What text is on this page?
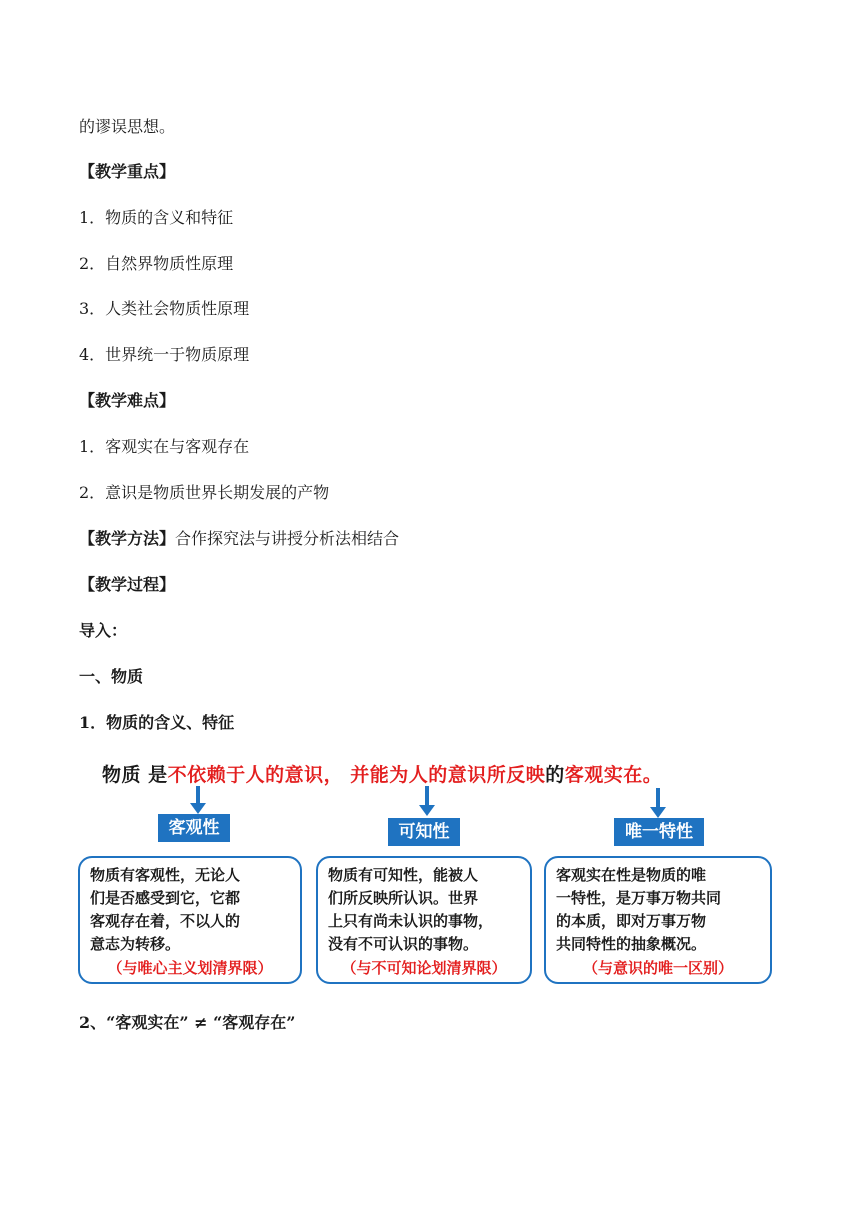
的谬误思想。
【教学重点】
1．物质的含义和特征
2．自然界物质性原理
3．人类社会物质性原理
4．世界统一于物质原理
【教学难点】
1．客观实在与客观存在
2．意识是物质世界长期发展的产物
【教学方法】合作探究法与讲授分析法相结合
【教学过程】
导入：
一、物质
1．物质的含义、特征
物质 是不依赖于人的意识， 并能为人的意识所反映的客观实在。
客观性	可知性	唯一特性
物质有客观性，无论人
们是否感受到它，它都
客观存在着，不以人的
意志为转移。
（与唯心主义划清界限）
物质有可知性，能被人
们所反映所认识。世界
上只有尚未认识的事物，
没有不可认识的事物。
（与不可知论划清界限）
客观实在性是物质的唯
一特性，是万事万物共同
的本质，即对万事万物
共同特性的抽象概况。
（与意识的唯一区别）
2、“客观实在” ≠ “客观存在”
